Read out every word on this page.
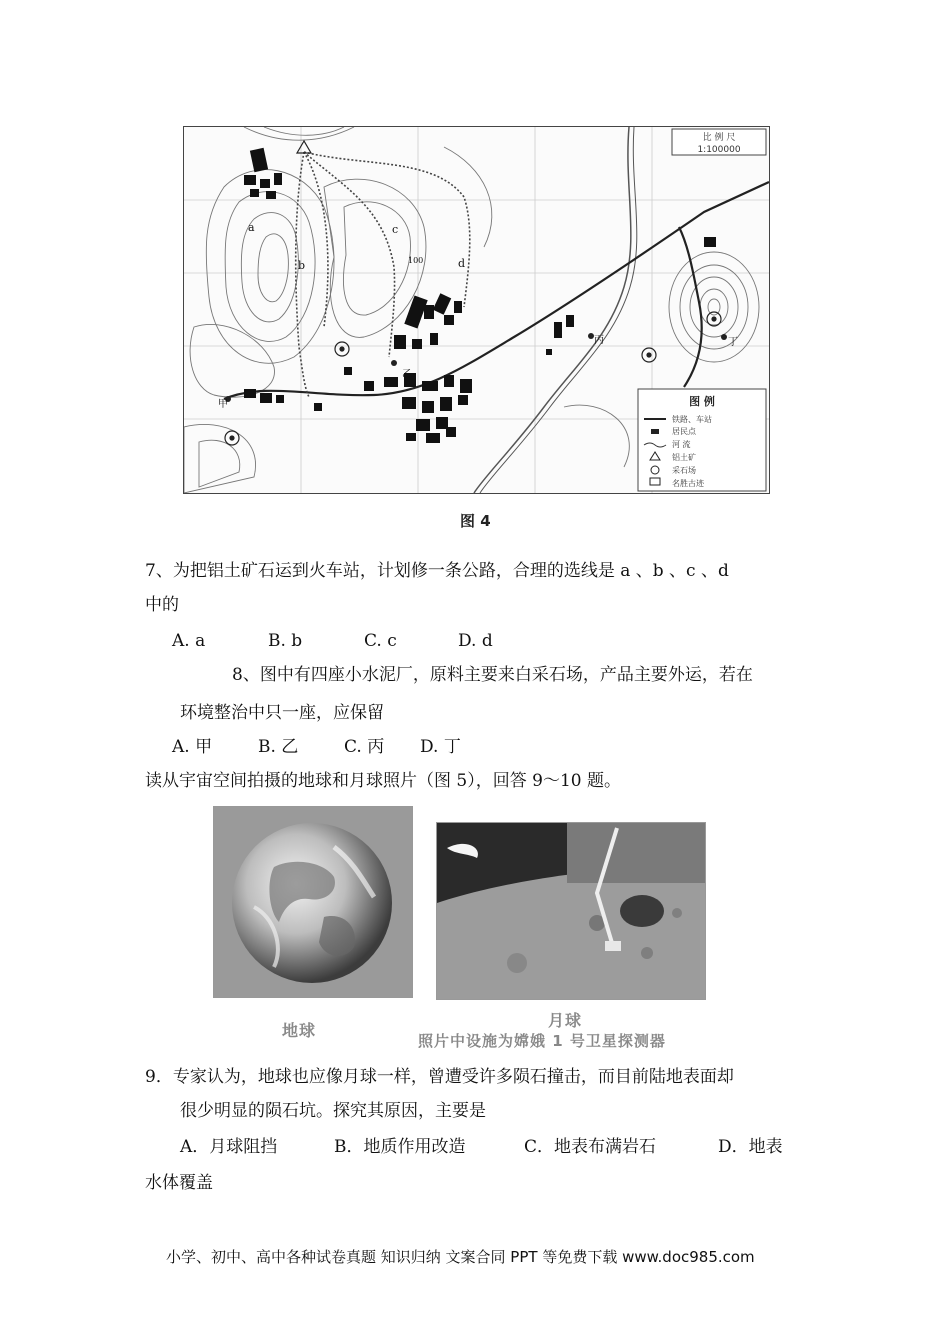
a
b
c
d
甲
乙
丙	丁
100
比 例 尺
1:100000
图 例
铁路、车站
居民点
河 流
铝土矿
采石场
名胜古迹
图 4
7、为把铝土矿石运到火车站，计划修一条公路，合理的选线是 a 、b 、c 、d
中的
A. a	B. b	C. c	D. d
8、图中有四座小水泥厂，原料主要来白采石场，产品主要外运，若在
环境整治中只一座，应保留
A. 甲	B. 乙	C. 丙 D. 丁
读从宇宙空间拍摄的地球和月球照片（图 5），回答 9～10 题。
地球
月球
照片中设施为嫦娥 1 号卫星探测器
9．专家认为，地球也应像月球一样，曾遭受许多陨石撞击，而目前陆地表面却
很少明显的陨石坑。探究其原因，主要是
A．月球阻挡	B．地质作用改造	C．地表布满岩石	D．地表
水体覆盖
小学、初中、高中各种试卷真题 知识归纳 文案合同 PPT 等免费下载 www.doc985.com
